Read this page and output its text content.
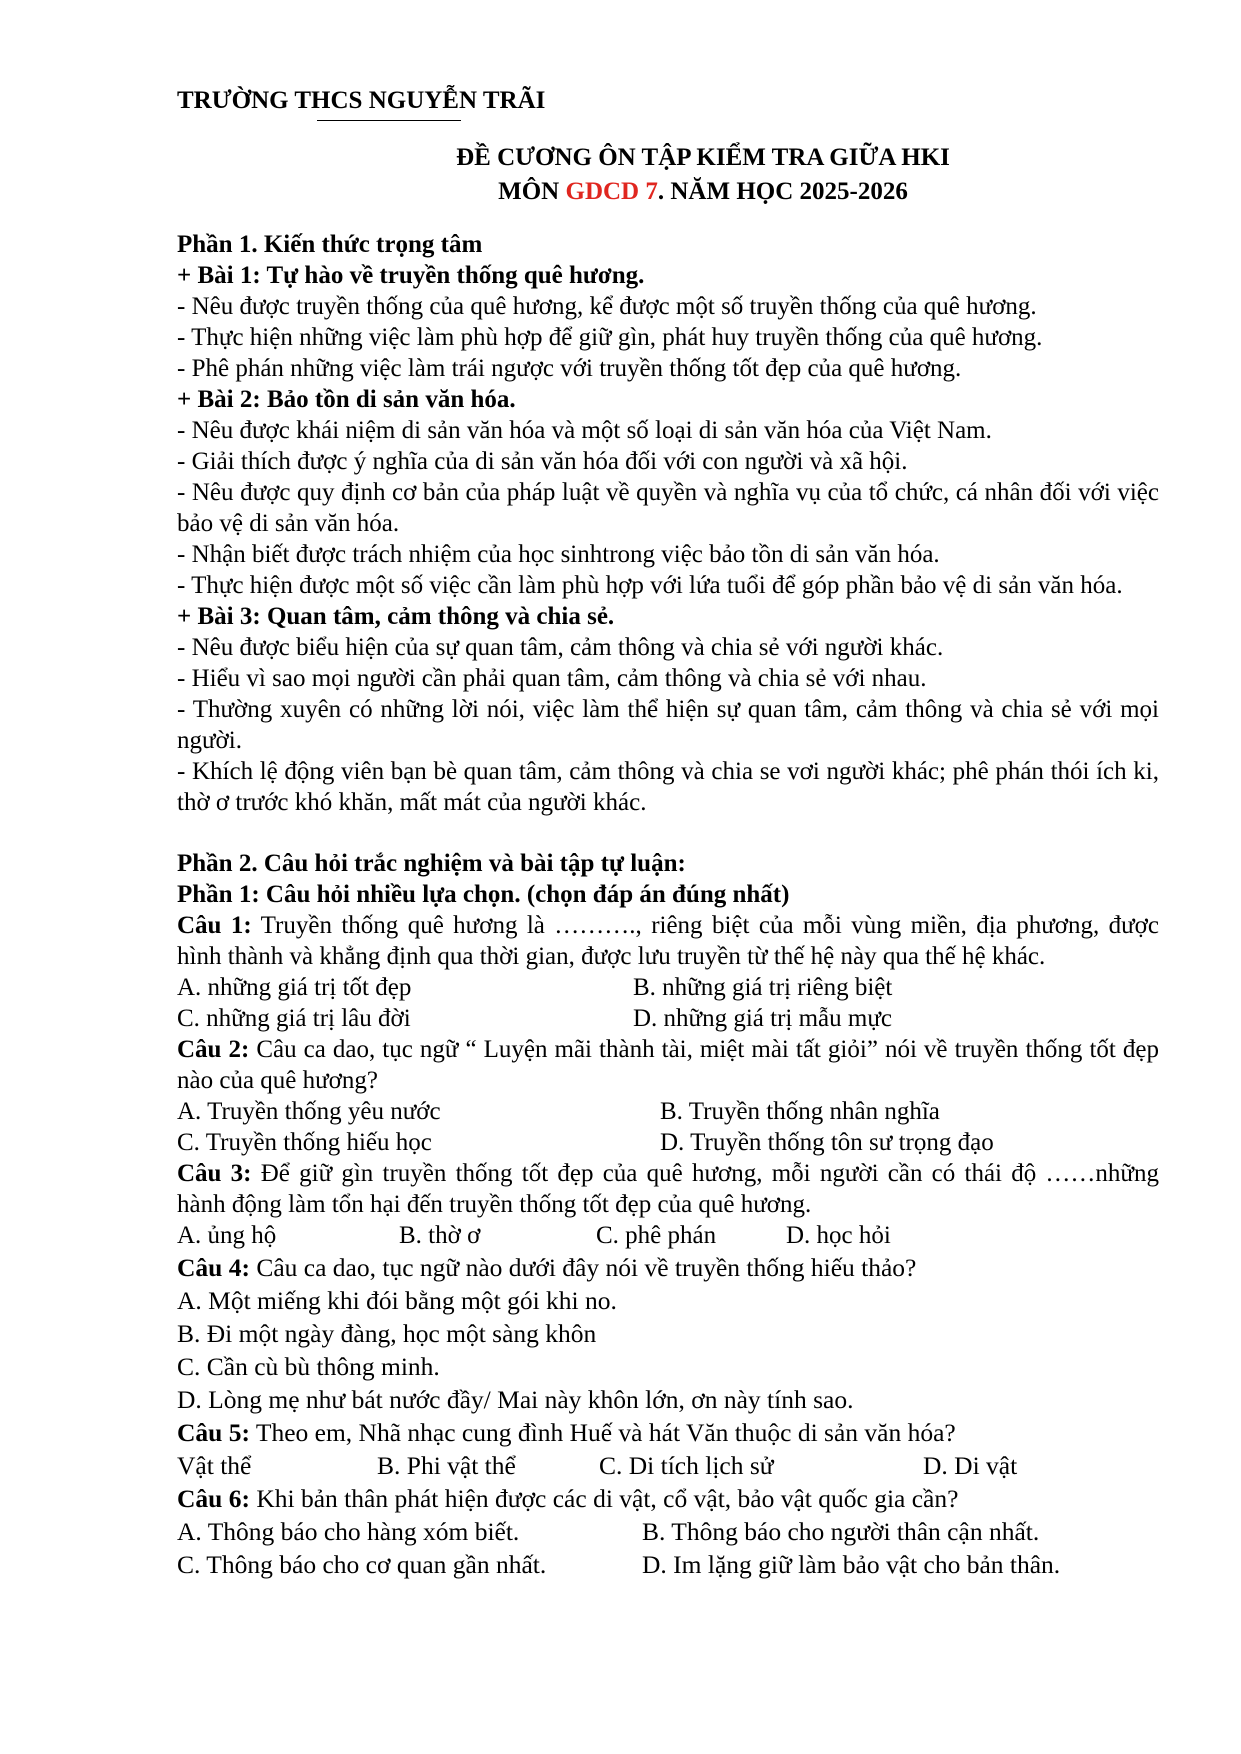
TRƯỜNG THCS NGUYỄN TRÃI
ĐỀ CƯƠNG ÔN TẬP KIỂM TRA GIỮA HKI
MÔN GDCD 7. NĂM HỌC 2025-2026
Phần 1. Kiến thức trọng tâm
+ Bài 1: Tự hào về truyền thống quê hương.
- Nêu được truyền thống của quê hương, kể được một số truyền thống của quê hương.
- Thực hiện những việc làm phù hợp để giữ gìn, phát huy truyền thống của quê hương.
- Phê phán những việc làm trái ngược với truyền thống tốt đẹp của quê hương.
+ Bài 2: Bảo tồn di sản văn hóa.
- Nêu được khái niệm di sản văn hóa và một số loại di sản văn hóa của Việt Nam.
- Giải thích được ý nghĩa của di sản văn hóa đối với con người và xã hội.
- Nêu được quy định cơ bản của pháp luật về quyền và nghĩa vụ của tổ chức, cá nhân đối với việc bảo vệ di sản văn hóa.
- Nhận biết được trách nhiệm của học sinhtrong việc bảo tồn di sản văn hóa.
- Thực hiện được một số việc cần làm phù hợp với lứa tuổi để góp phần bảo vệ di sản văn hóa.
+ Bài 3: Quan tâm, cảm thông và chia sẻ.
- Nêu được biểu hiện của sự quan tâm, cảm thông và chia sẻ với người khác.
- Hiểu vì sao mọi người cần phải quan tâm, cảm thông và chia sẻ với nhau.
- Thường xuyên có những lời nói, việc làm thể hiện sự quan tâm, cảm thông và chia sẻ với mọi người.
- Khích lệ động viên bạn bè quan tâm, cảm thông và chia se vơi người khác; phê phán thói ích ki, thờ ơ trước khó khăn, mất mát của người khác.
Phần 2. Câu hỏi trắc nghiệm và bài tập tự luận:
Phần 1: Câu hỏi nhiều lựa chọn. (chọn đáp án đúng nhất)
Câu 1: Truyền thống quê hương là ………., riêng biệt của mỗi vùng miền, địa phương, được hình thành và khẳng định qua thời gian, được lưu truyền từ thế hệ này qua thế hệ khác.
A. những giá trị tốt đẹp	B. những giá trị riêng biệt
C. những giá trị lâu đời	D. những giá trị mẫu mực
Câu 2: Câu ca dao, tục ngữ “ Luyện mãi thành tài, miệt mài tất giỏi” nói về truyền thống tốt đẹp nào của quê hương?
A. Truyền thống yêu nước	B. Truyền thống nhân nghĩa
C. Truyền thống hiếu học	D. Truyền thống tôn sư trọng đạo
Câu 3: Để giữ gìn truyền thống tốt đẹp của quê hương, mỗi người cần có thái độ ……những hành động làm tổn hại đến truyền thống tốt đẹp của quê hương.
A. ủng hộ	B. thờ ơ	C. phê phán	D. học hỏi
Câu 4: Câu ca dao, tục ngữ nào dưới đây nói về truyền thống hiếu thảo?
A. Một miếng khi đói bằng một gói khi no.
B. Đi một ngày đàng, học một sàng khôn
C. Cần cù bù thông minh.
D. Lòng mẹ như bát nước đầy/ Mai này khôn lớn, ơn này tính sao.
Câu 5: Theo em, Nhã nhạc cung đình Huế và hát Văn thuộc di sản văn hóa?
Vật thể	B. Phi vật thể	C. Di tích lịch sử	D. Di vật
Câu 6: Khi bản thân phát hiện được các di vật, cổ vật, bảo vật quốc gia cần?
A. Thông báo cho hàng xóm biết.	B. Thông báo cho người thân cận nhất.
C. Thông báo cho cơ quan gần nhất.	D. Im lặng giữ làm bảo vật cho bản thân.
